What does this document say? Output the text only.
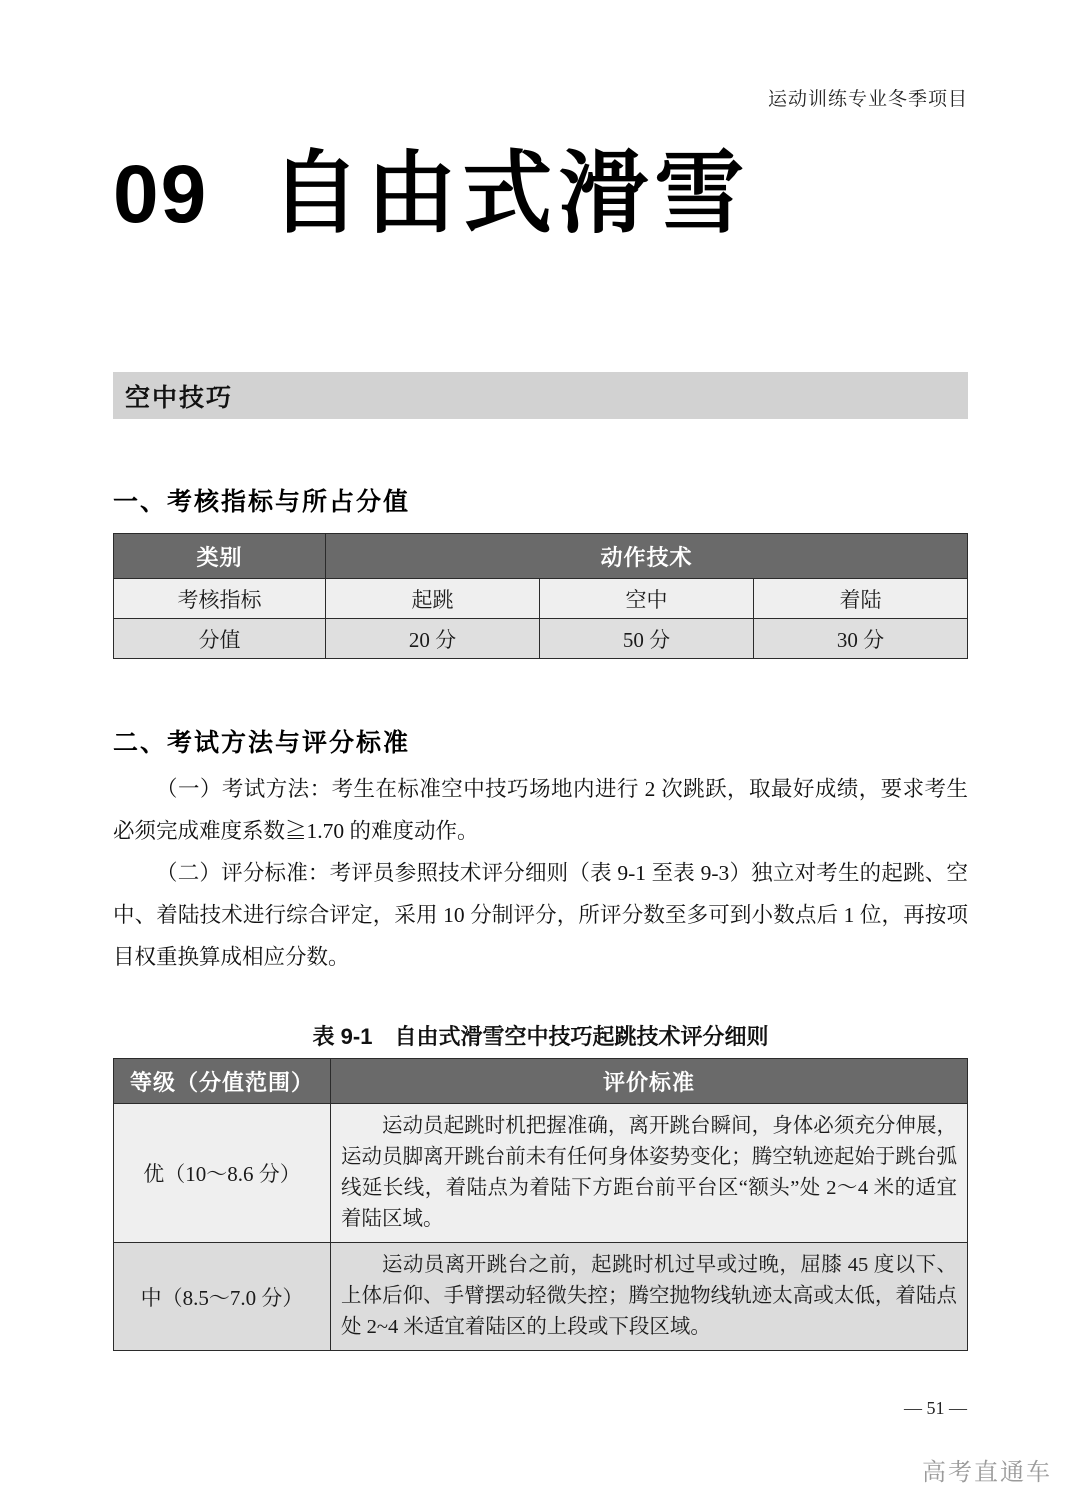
运动训练专业冬季项目
09 自由式滑雪
空中技巧
一、考核指标与所占分值
类别	动作技术		
考核指标	起跳	空中	着陆
分值	20 分	50 分	30 分
二、考试方法与评分标准

（一）考试方法：考生在标准空中技巧场地内进行 2 次跳跃，取最好成绩，要求考生必须完成难度系数≧1.70 的难度动作。

（二）评分标准：考评员参照技术评分细则（表 9-1 至表 9-3）独立对考生的起跳、空中、着陆技术进行综合评定，采用 10 分制评分，所评分数至多可到小数点后 1 位，再按项目权重换算成相应分数。

表 9-1　自由式滑雪空中技巧起跳技术评分细则
等级（分值范围）	评价标准
优（10～8.6 分）	运动员起跳时机把握准确，离开跳台瞬间，身体必须充分伸展，运动员脚离开跳台前未有任何身体姿势变化；腾空轨迹起始于跳台弧线延长线，着陆点为着陆下方距台前平台区“额头”处 2～4 米的适宜着陆区域。

中（8.5～7.0 分）	运动员离开跳台之前，起跳时机过早或过晚，屈膝 45 度以下、上体后仰、手臂摆动轻微失控；腾空抛物线轨迹太高或太低，着陆点处 2~4 米适宜着陆区的上段或下段区域。
— 51 —
高考直通车
